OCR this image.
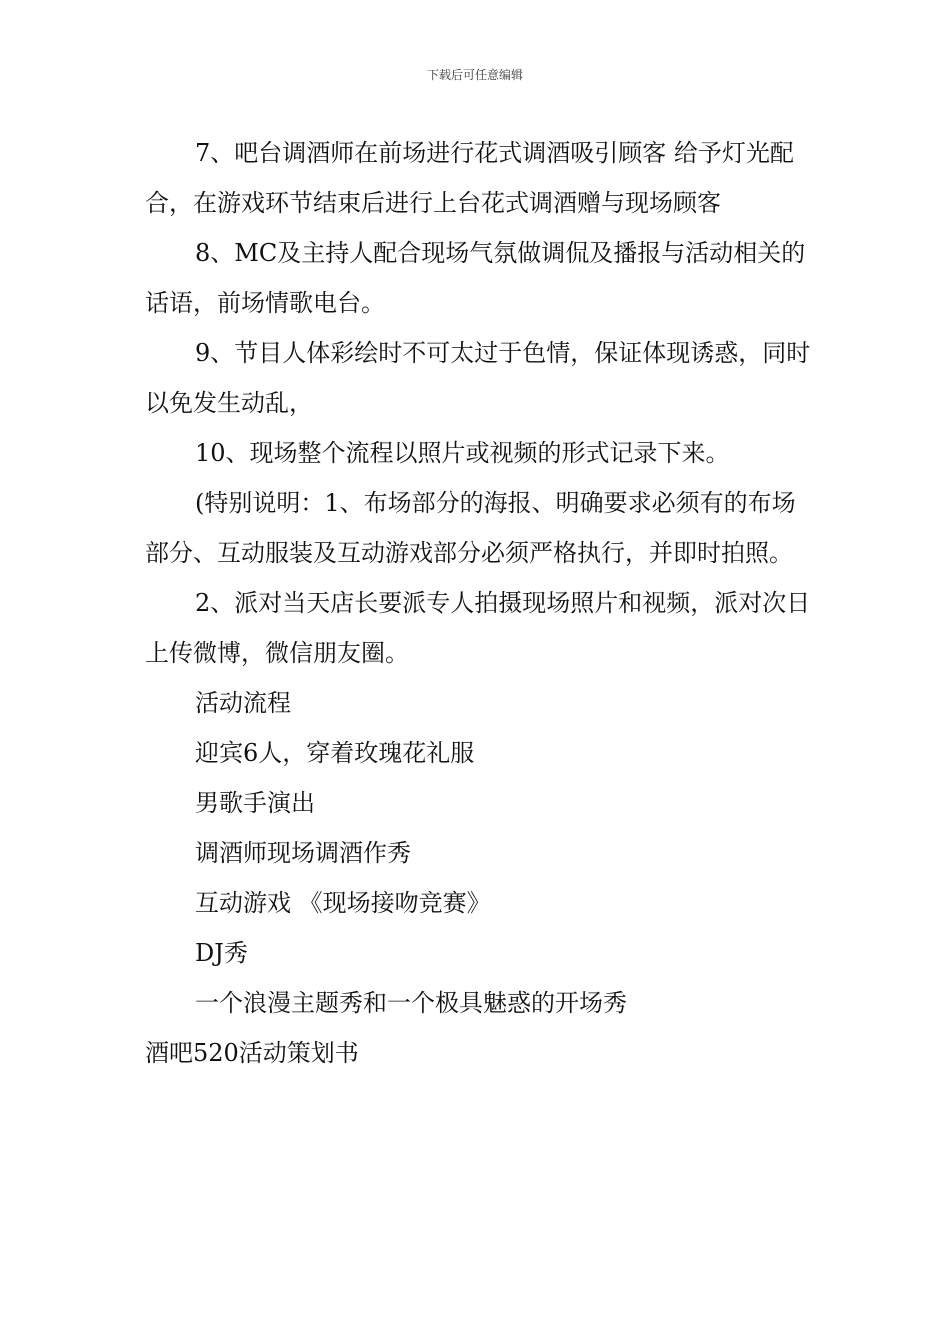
下载后可任意编辑

7、吧台调酒师在前场进行花式调酒吸引顾客 给予灯光配合，在游戏环节结束后进行上台花式调酒赠与现场顾客

8、MC及主持人配合现场气氛做调侃及播报与活动相关的话语，前场情歌电台。

9、节目人体彩绘时不可太过于色情，保证体现诱惑，同时以免发生动乱，

10、现场整个流程以照片或视频的形式记录下来。

(特别说明：1、布场部分的海报、明确要求必须有的布场部分、互动服装及互动游戏部分必须严格执行，并即时拍照。

2、派对当天店长要派专人拍摄现场照片和视频，派对次日上传微博，微信朋友圈。

活动流程

迎宾6人，穿着玫瑰花礼服

男歌手演出

调酒师现场调酒作秀

互动游戏 《现场接吻竞赛》

DJ秀

一个浪漫主题秀和一个极具魅惑的开场秀

酒吧520活动策划书
